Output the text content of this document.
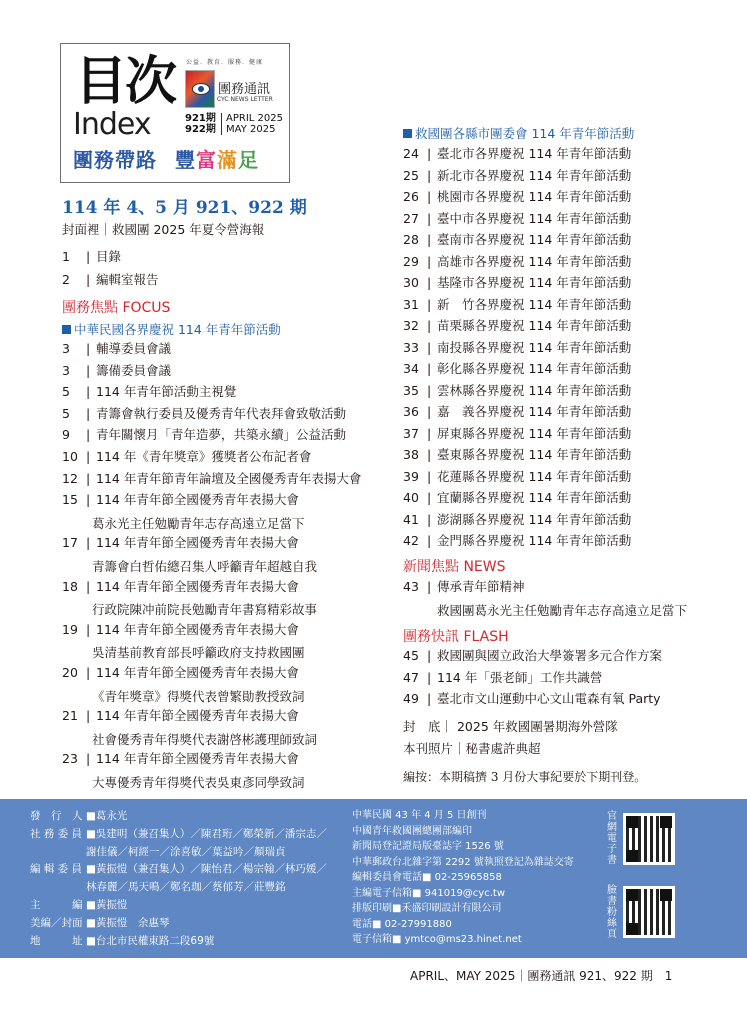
目次
Index
公益．教育．服務．健康
團務通訊
CYC NEWS LETTER
921期
922期
APRIL 2025
MAY 2025
團務帶路 豐富滿足
114 年 4、5 月 921、922 期
封面裡｜救國團 2025 年夏令營海報
1 | 目錄
2 | 編輯室報告
團務焦點 FOCUS
中華民國各界慶祝 114 年青年節活動
3 | 輔導委員會議
3 | 籌備委員會議
5 | 114 年青年節活動主視覺
5 | 青籌會執行委員及優秀青年代表拜會致敬活動
9 | 青年關懷月「青年造夢，共築永續」公益活動
10 | 114 年《青年獎章》獲獎者公布記者會
12 | 114 年青年節青年論壇及全國優秀青年表揚大會
15 | 114 年青年節全國優秀青年表揚大會
葛永光主任勉勵青年志存高遠立足當下
17 | 114 年青年節全國優秀青年表揚大會
青籌會白哲佑總召集人呼籲青年超越自我
18 | 114 年青年節全國優秀青年表揚大會
行政院陳冲前院長勉勵青年書寫精彩故事
19 | 114 年青年節全國優秀青年表揚大會
吳清基前教育部長呼籲政府支持救國團
20 | 114 年青年節全國優秀青年表揚大會
《青年獎章》得獎代表曾繁勛教授致詞
21 | 114 年青年節全國優秀青年表揚大會
社會優秀青年得獎代表謝啓彬護理師致詞
23 | 114 年青年節全國優秀青年表揚大會
大專優秀青年得獎代表吳東彥同學致詞
救國團各縣市團委會 114 年青年節活動
24 | 臺北市各界慶祝 114 年青年節活動
25 | 新北市各界慶祝 114 年青年節活動
26 | 桃園市各界慶祝 114 年青年節活動
27 | 臺中市各界慶祝 114 年青年節活動
28 | 臺南市各界慶祝 114 年青年節活動
29 | 高雄市各界慶祝 114 年青年節活動
30 | 基隆市各界慶祝 114 年青年節活動
31 | 新　竹各界慶祝 114 年青年節活動
32 | 苗栗縣各界慶祝 114 年青年節活動
33 | 南投縣各界慶祝 114 年青年節活動
34 | 彰化縣各界慶祝 114 年青年節活動
35 | 雲林縣各界慶祝 114 年青年節活動
36 | 嘉　義各界慶祝 114 年青年節活動
37 | 屏東縣各界慶祝 114 年青年節活動
38 | 臺東縣各界慶祝 114 年青年節活動
39 | 花蓮縣各界慶祝 114 年青年節活動
40 | 宜蘭縣各界慶祝 114 年青年節活動
41 | 澎湖縣各界慶祝 114 年青年節活動
42 | 金門縣各界慶祝 114 年青年節活動
新聞焦點 NEWS
43 | 傳承青年節精神
救國團葛永光主任勉勵青年志存高遠立足當下
團務快訊 FLASH
45 | 救國團與國立政治大學簽署多元合作方案
47 | 114 年「張老師」工作共識營
49 | 臺北市文山運動中心文山電森有氧 Party
封　底｜ 2025 年救國團暑期海外營隊
本刊照片｜秘書處許典超
編按：本期稿擠 3 月份大事紀要於下期刊登。
發　行　人 ■葛永光
社 務 委 員 ■吳建明（兼召集人）／陳君珩／鄭榮新／潘宗志／
謝佳儀／柯經一／涂喜敏／葉益吟／顏瑞貞
編 輯 委 員 ■黃振愷（兼召集人）／陳怡君／楊宗翰／林巧媛／
林春麗／馬天鳴／鄭名珈／蔡郁芳／莊豐銘
主　　　編 ■黃振愷
美編／封面 ■黃振愷　余惠琴
地　　　址 ■台北市民權東路二段69號
中華民國 43 年 4 月 5 日創刊
中國青年救國團總團部編印
新聞局登記證局版臺誌字 1526 號
中華郵政台北雜字第 2292 號執照登記為雜誌交寄
編輯委員會電話■ 02-25965858
主編電子信箱■ 941019@cyc.tw
排版印刷■禾盛印刷設計有限公司
電話■ 02-27991880
電子信箱■ ymtco@ms23.hinet.net
官網電子書
臉書粉絲頁
APRIL、MAY 2025｜團務通訊 921、922 期　1
